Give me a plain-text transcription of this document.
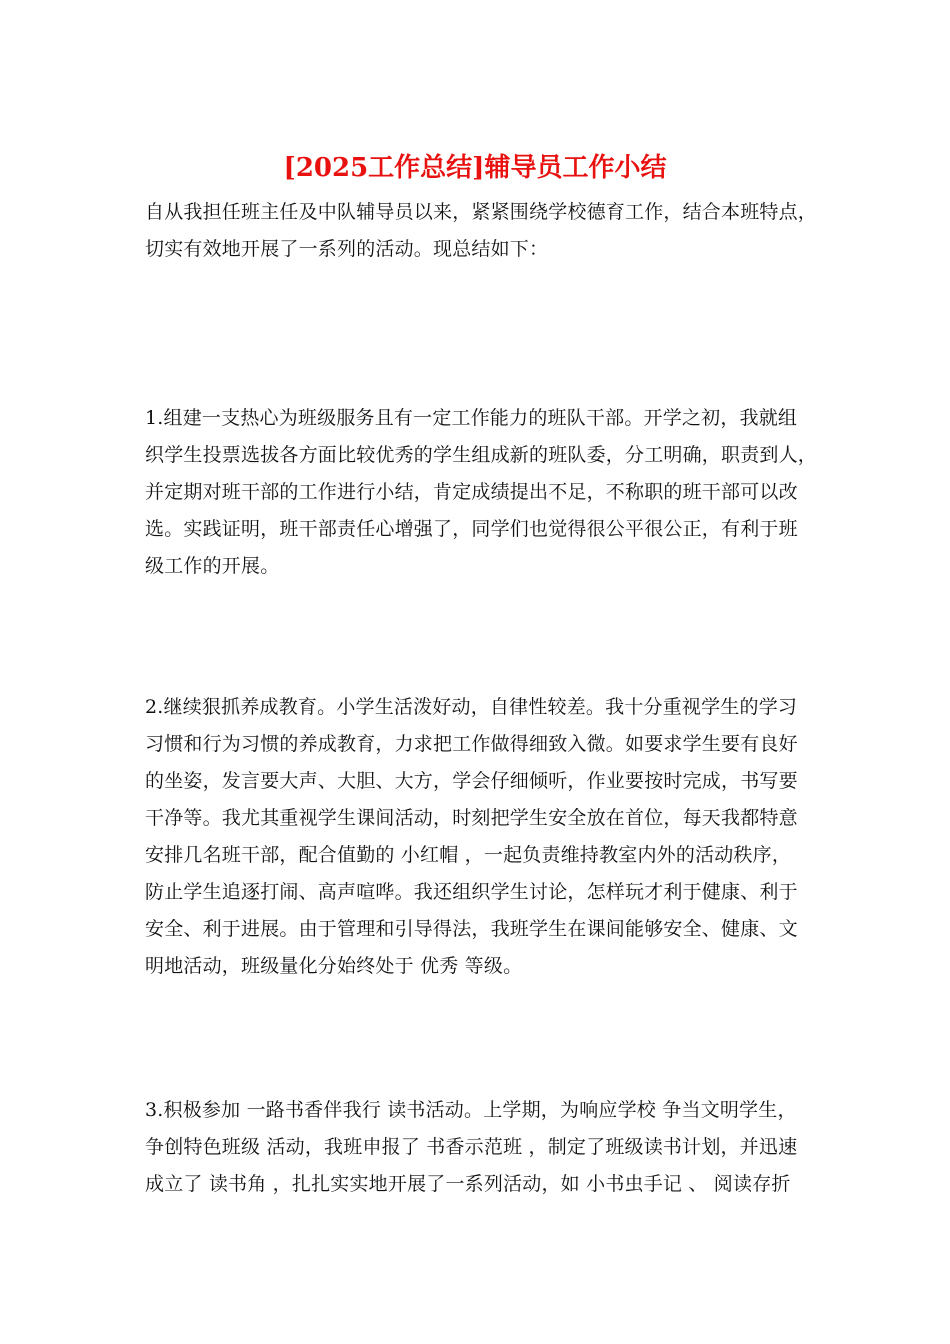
[2025工作总结]辅导员工作小结

自从我担任班主任及中队辅导员以来，紧紧围绕学校德育工作，结合本班特点，
切实有效地开展了一系列的活动。现总结如下：

1.组建一支热心为班级服务且有一定工作能力的班队干部。开学之初，我就组
织学生投票选拔各方面比较优秀的学生组成新的班队委，分工明确，职责到人，
并定期对班干部的工作进行小结，肯定成绩提出不足，不称职的班干部可以改
选。实践证明，班干部责任心增强了，同学们也觉得很公平很公正，有利于班
级工作的开展。

2.继续狠抓养成教育。小学生活泼好动，自律性较差。我十分重视学生的学习
习惯和行为习惯的养成教育，力求把工作做得细致入微。如要求学生要有良好
的坐姿，发言要大声、大胆、大方，学会仔细倾听，作业要按时完成，书写要
干净等。我尤其重视学生课间活动，时刻把学生安全放在首位，每天我都特意
安排几名班干部，配合值勤的 小红帽 ，一起负责维持教室内外的活动秩序，
防止学生追逐打闹、高声喧哗。我还组织学生讨论，怎样玩才利于健康、利于
安全、利于进展。由于管理和引导得法，我班学生在课间能够安全、健康、文
明地活动，班级量化分始终处于 优秀 等级。

3.积极参加 一路书香伴我行 读书活动。上学期，为响应学校 争当文明学生，
争创特色班级 活动，我班申报了 书香示范班 ，制定了班级读书计划，并迅速
成立了 读书角 ，扎扎实实地开展了一系列活动，如 小书虫手记 、 阅读存折
